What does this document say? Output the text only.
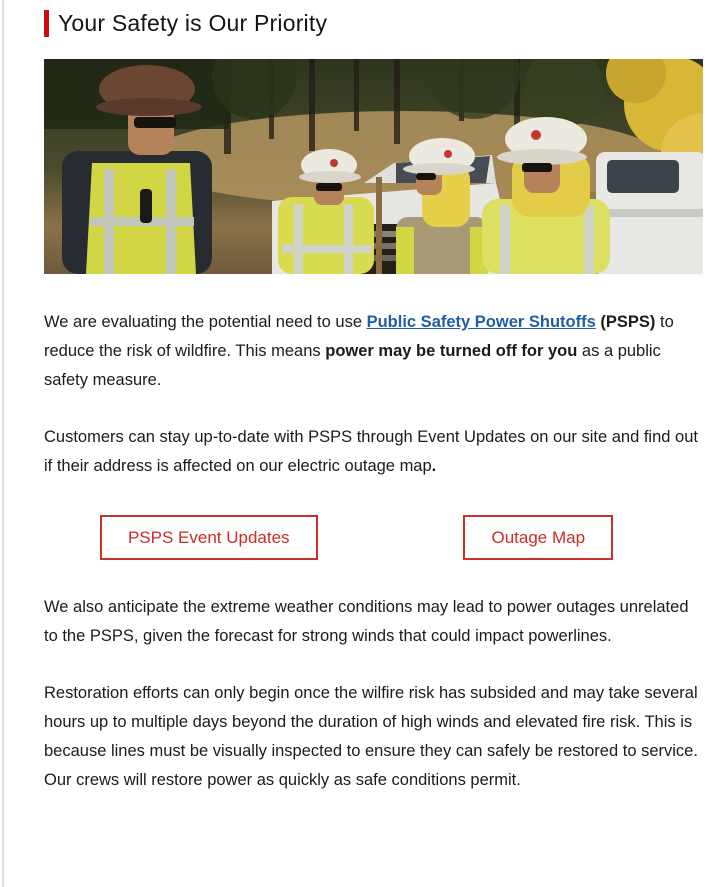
Your Safety is Our Priority

We are evaluating the potential need to use Public Safety Power Shutoffs (PSPS) to reduce the risk of wildfire. This means power may be turned off for you as a public safety measure.

Customers can stay up-to-date with PSPS through Event Updates on our site and find out if their address is affected on our electric outage map.

PSPS Event Updates	Outage Map

We also anticipate the extreme weather conditions may lead to power outages unrelated to the PSPS, given the forecast for strong winds that could impact powerlines.

Restoration efforts can only begin once the wilfire risk has subsided and may take several hours up to multiple days beyond the duration of high winds and elevated fire risk. This is because lines must be visually inspected to ensure they can safely be restored to service. Our crews will restore power as quickly as safe conditions permit.
